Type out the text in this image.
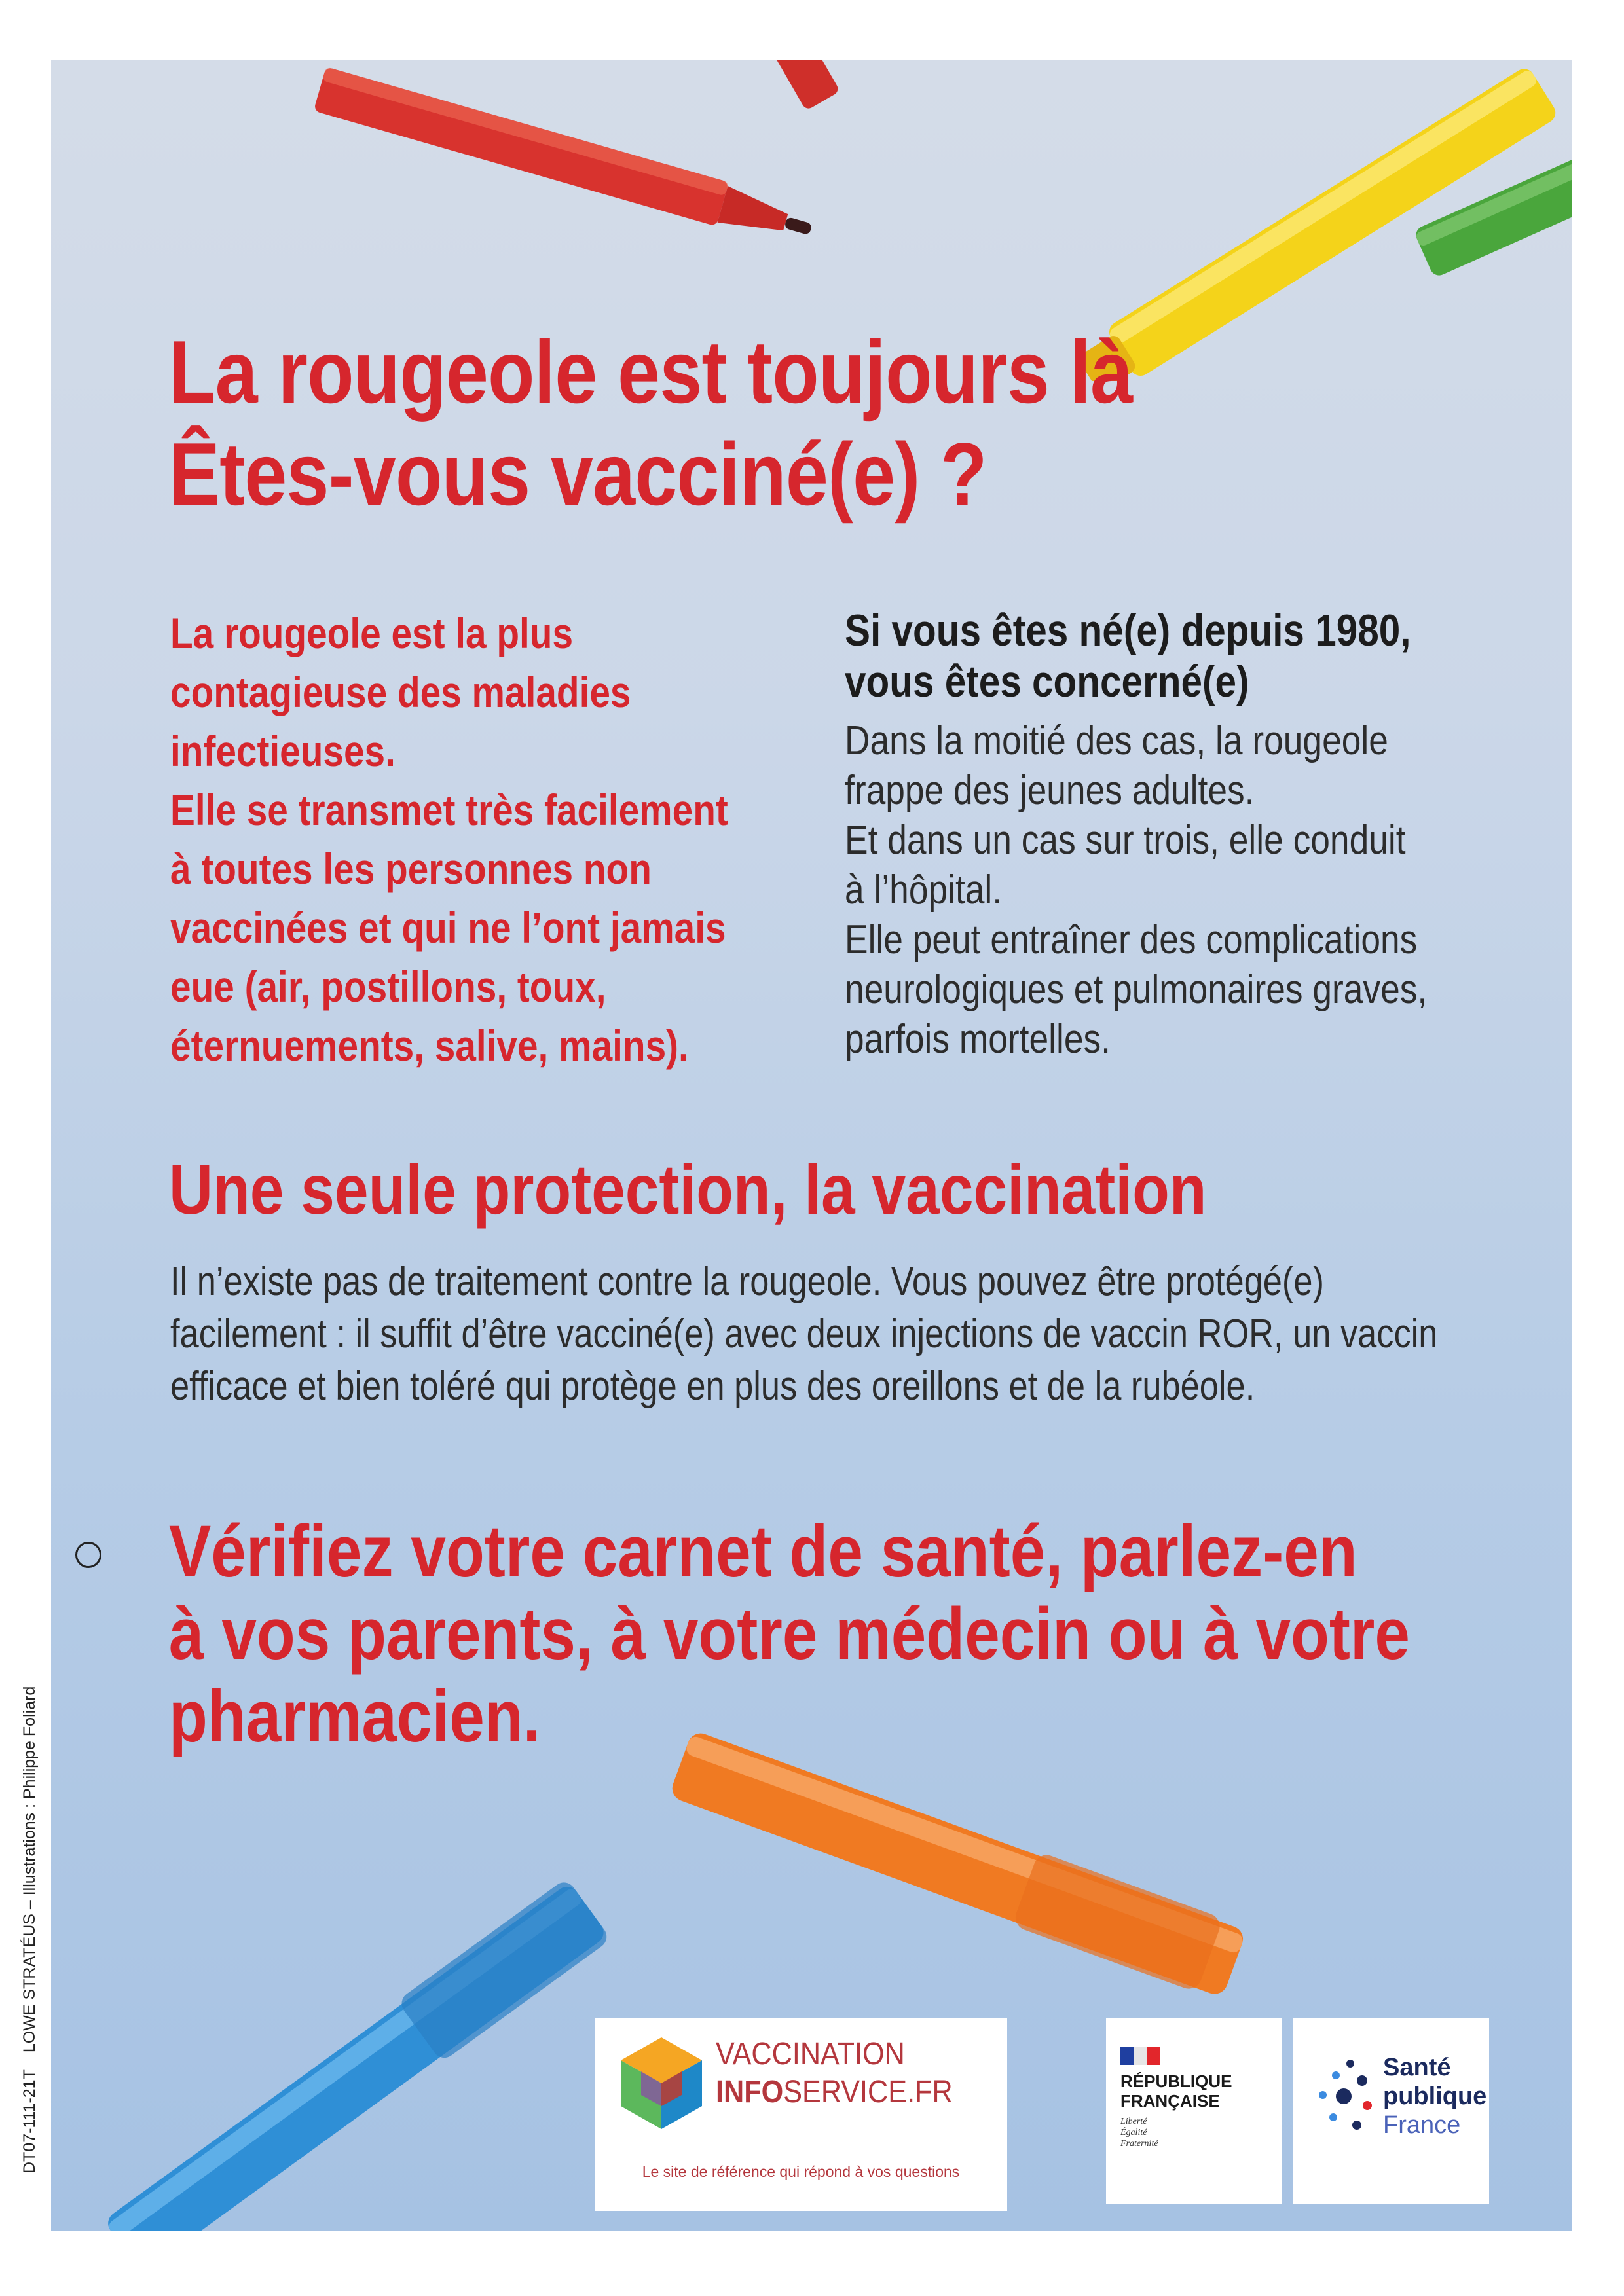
La rougeole est toujours là
Êtes-vous vacciné(e) ?
La rougeole est la plus
contagieuse des maladies
infectieuses.
Elle se transmet très facilement
à toutes les personnes non
vaccinées et qui ne l’ont jamais
eue (air, postillons, toux,
éternuements, salive, mains).
Si vous êtes né(e) depuis 1980,
vous êtes concerné(e)
Dans la moitié des cas, la rougeole
frappe des jeunes adultes.
Et dans un cas sur trois, elle conduit
à l’hôpital.
Elle peut entraîner des complications
neurologiques et pulmonaires graves,
parfois mortelles.
Une seule protection, la vaccination
Il n’existe pas de traitement contre la rougeole. Vous pouvez être protégé(e)
facilement : il suffit d’être vacciné(e) avec deux injections de vaccin ROR, un vaccin
efficace et bien toléré qui protège en plus des oreillons et de la rubéole.
Vérifiez votre carnet de santé, parlez-en
à vos parents, à votre médecin ou à votre
pharmacien.
VACCINATION
INFOSERVICE.FR
Le site de référence qui répond à vos questions
RÉPUBLIQUE
FRANÇAISE
Liberté
Égalité
Fraternité
Santé
publique
France
DT07-111-21TLOWE STRATÉUS – Illustrations : Philippe Foliard
